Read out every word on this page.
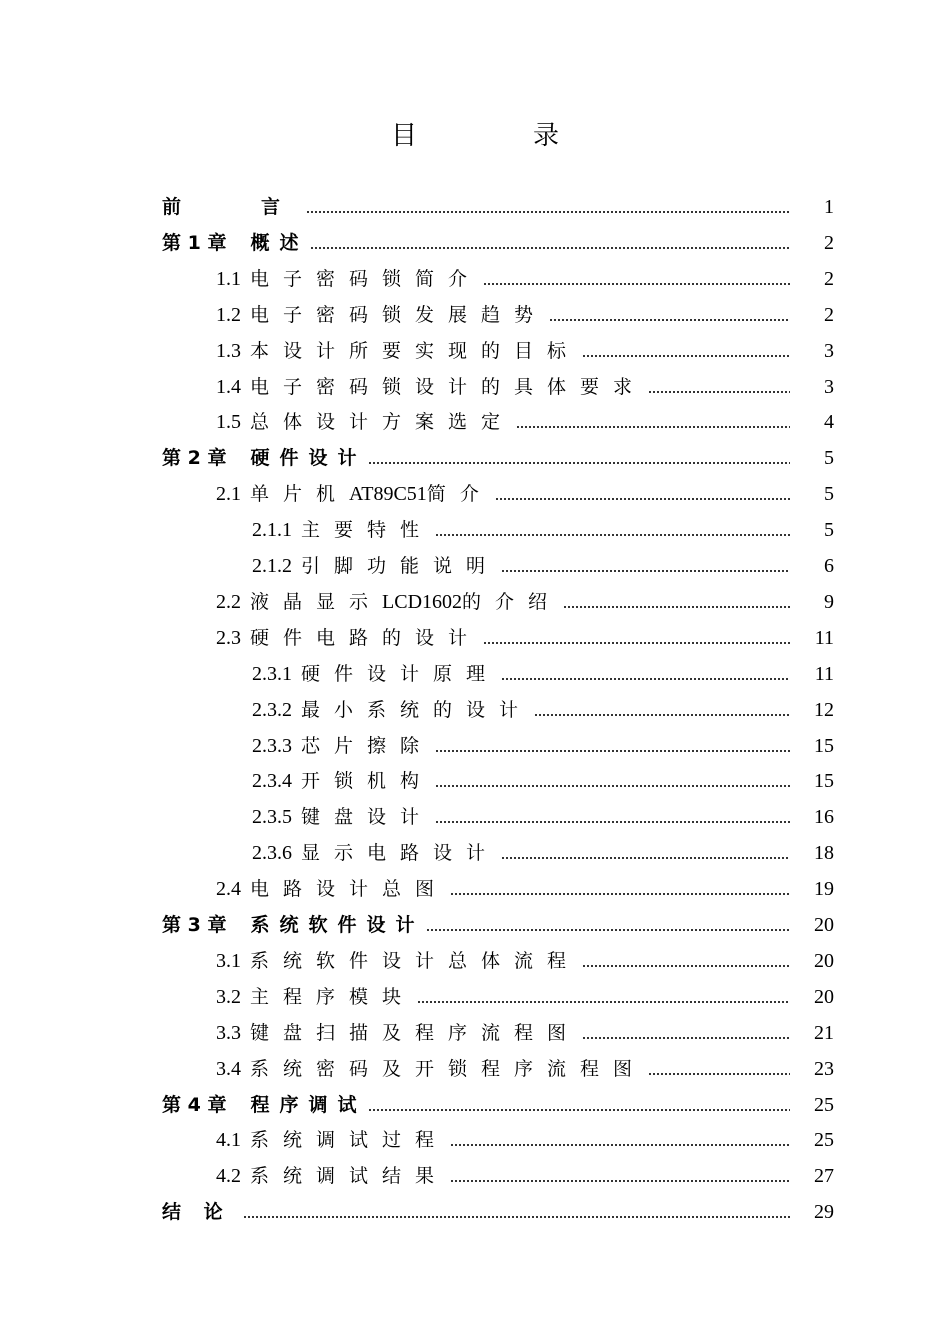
目　录
前　　言	1
第 1 章 概述	2
1.1 电子密码锁简介	2
1.2 电子密码锁发展趋势	2
1.3 本设计所要实现的目标	3
1.4 电子密码锁设计的具体要求	3
1.5 总体设计方案选定	4
第 2 章 硬件设计	5
2.1 单片机AT89C51简介	5
2.1.1 主要特性	5
2.1.2 引脚功能说明	6
2.2 液晶显示LCD1602的介绍	9
2.3 硬件电路的设计	11
2.3.1 硬件设计原理	11
2.3.2 最小系统的设计	12
2.3.3 芯片擦除	15
2.3.4 开锁机构	15
2.3.5 键盘设计	16
2.3.6 显示电路设计	18
2.4 电路设计总图	19
第 3 章 系统软件设计	20
3.1 系统软件设计总体流程	20
3.2 主程序模块	20
3.3 键盘扫描及程序流程图	21
3.4 系统密码及开锁程序流程图	23
第 4 章 程序调试	25
4.1 系统调试过程	25
4.2 系统调试结果	27
结 论	29
